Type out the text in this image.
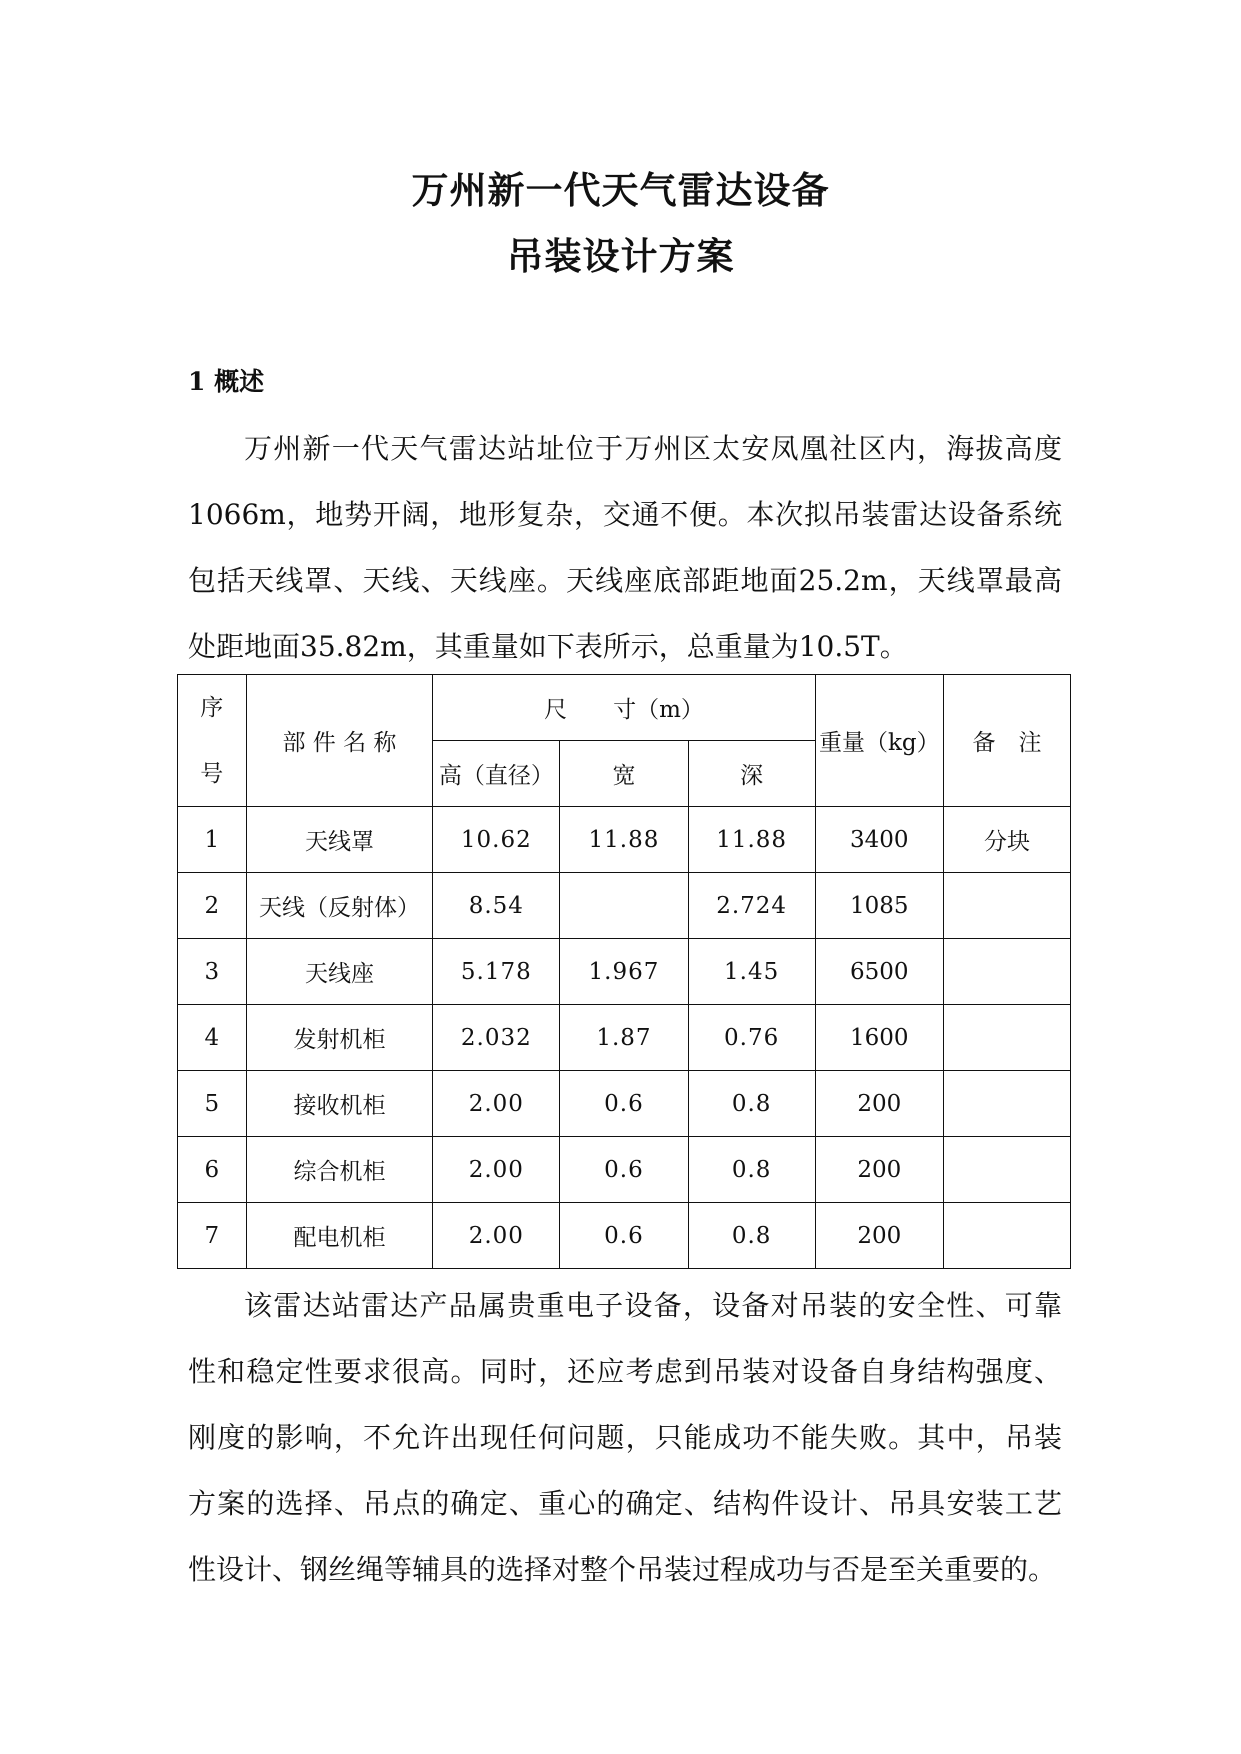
万州新一代天气雷达设备
吊装设计方案
1 概述
万州新一代天气雷达站址位于万州区太安凤凰社区内，海拔高度
1066m，地势开阔，地形复杂，交通不便。本次拟吊装雷达设备系统
包括天线罩、天线、天线座。天线座底部距地面25.2m，天线罩最高
处距地面35.82m，其重量如下表所示，总重量为10.5T。
序
号	部 件 名 称	尺　　寸（m）			重量（kg）	备　注
		高（直径）	宽	深		
1	天线罩	10.62	11.88	11.88	3400	分块
2	天线（反射体）	8.54		2.724	1085	
3	天线座	5.178	1.967	1.45	6500	
4	发射机柜	2.032	1.87	0.76	1600	
5	接收机柜	2.00	0.6	0.8	200	
6	综合机柜	2.00	0.6	0.8	200	
7	配电机柜	2.00	0.6	0.8	200	
该雷达站雷达产品属贵重电子设备，设备对吊装的安全性、可靠
性和稳定性要求很高。同时，还应考虑到吊装对设备自身结构强度、
刚度的影响，不允许出现任何问题，只能成功不能失败。其中，吊装
方案的选择、吊点的确定、重心的确定、结构件设计、吊具安装工艺
性设计、钢丝绳等辅具的选择对整个吊装过程成功与否是至关重要的。
